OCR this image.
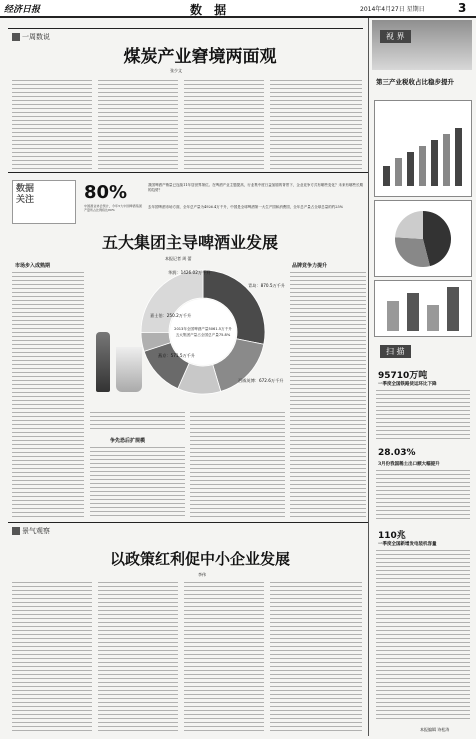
经济日报	数 据	2014年4月27日 星期日	3
一周数说
煤炭产业窘境两面观
张少文
数据关注	80%
中国酒业协会预计，今年5大中国啤酒集团产量所占比例将达80%
我国啤酒产销量已连续11年居世界第位。在啤酒产业主题提高，行业集中度日益加剧的背景下，企业竞争方式有哪些变化？未来有哪些长期的趋势？
去年国啤酒市场方面，全年总产量为4926.4万千升，中国是全球啤酒第一大生产国和消费国，全年总产量占全球总量的约25%
五大集团主导啤酒业发展
本报记者 周 蕾
市场步入成熟期
2013年全国啤酒产量5061.5万千升
五大集团产量占全国总产量75.8%
华润：1426.02万千升
青岛：870.5万千升
嘉士伯：250.2万千升
燕京：571.5万千升
百威英博：672.6万千升
争先恐后扩规模
品牌竞争力提升
景气观察
以政策红利促中小企业发展
李伟
视 界
第三产业税收占比稳步提升
扫 描
95710万吨
一季度全国铁路货运环比下降
28.03%
3月份我国稀土出口额大幅提升
110兆
一季度全国新增发电装机容量
本报编辑 诗松涛
